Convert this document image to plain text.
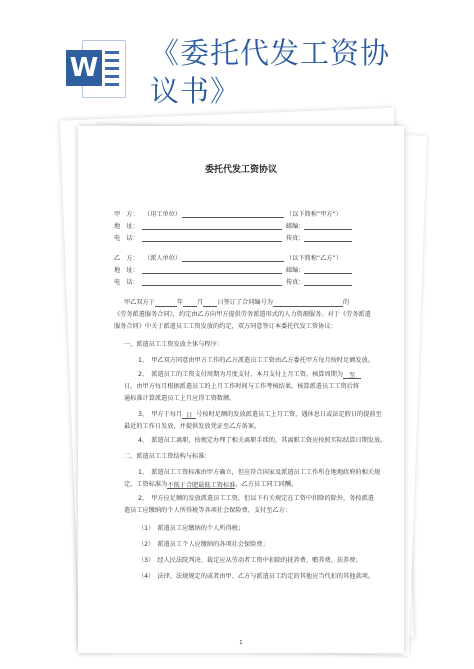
W 《委托代发工资协
议书》
委托代发工资协议
甲　方： （用工单位）	（以下简称“甲方”）
地　址：	邮编：
电　话：	传真：
乙　方： （派人单位）	（以下简称“乙方”）
地　址：	邮编：
电　话：	传真：
甲乙双方于	年 月 日签订了合同编号为	的
《劳务派遣服务合同》，约定由乙方向甲方提供劳务派遣形式的人力资源服务。对于《劳务派遣
服务合同》中关于派遣员工工资发放的约定，双方同意签订本委托代发工资协议：
一、派遣员工工资发放主体与程序：
1、　甲乙双方同意由甲方工作的乙方派遣员工工资由乙方委托甲方每月按时足额发放。
2、　派遣员工的工资支付周期为月度支付，本月支付上月工资，核算周期为 至
日，由甲方每月根据派遣员工的上月工作时间与工作考核结果，核算派遣员工工资后将
通标准计算派遣员工上月应得工资数额。
3、　甲方于每月 日 号按时足额的发放派遣员工上月工资，遇休息日或法定假日的提前至
最近的工作日发放，并提供发放凭证至乙方备案。
4、　派遣员工离职，按规定办理了相关离职手续的，其离职工资应按照实际结算日期发放。
二、派遣员工工资结构与标准：
1、　派遣员工工资标准由甲方确立，但应符合国家及派遣员工工作所在地地政府的相关规
定，工资标准为不低于合肥最低工资标准，乙方员工同工同酬。
2、　甲方应足额的发放派遣员工工资，但以下有关规定在工资中扣除的除外，务按派遣
遣员工应缴纳的个人所得税等各项社会保险费，支付至乙方：
（1）　派遣员工应缴纳的个人所得税；
（2）　派遣员工个人应缴纳的各项社会保险费；
（3）　经人民法院判决、裁定应从劳动者工资中扣除的抚养费、赡养费、扶养费；
（4）　法律、法规规定的或者由甲、乙方与派遣员工约定的其他应当代扣的其他款项。
1
